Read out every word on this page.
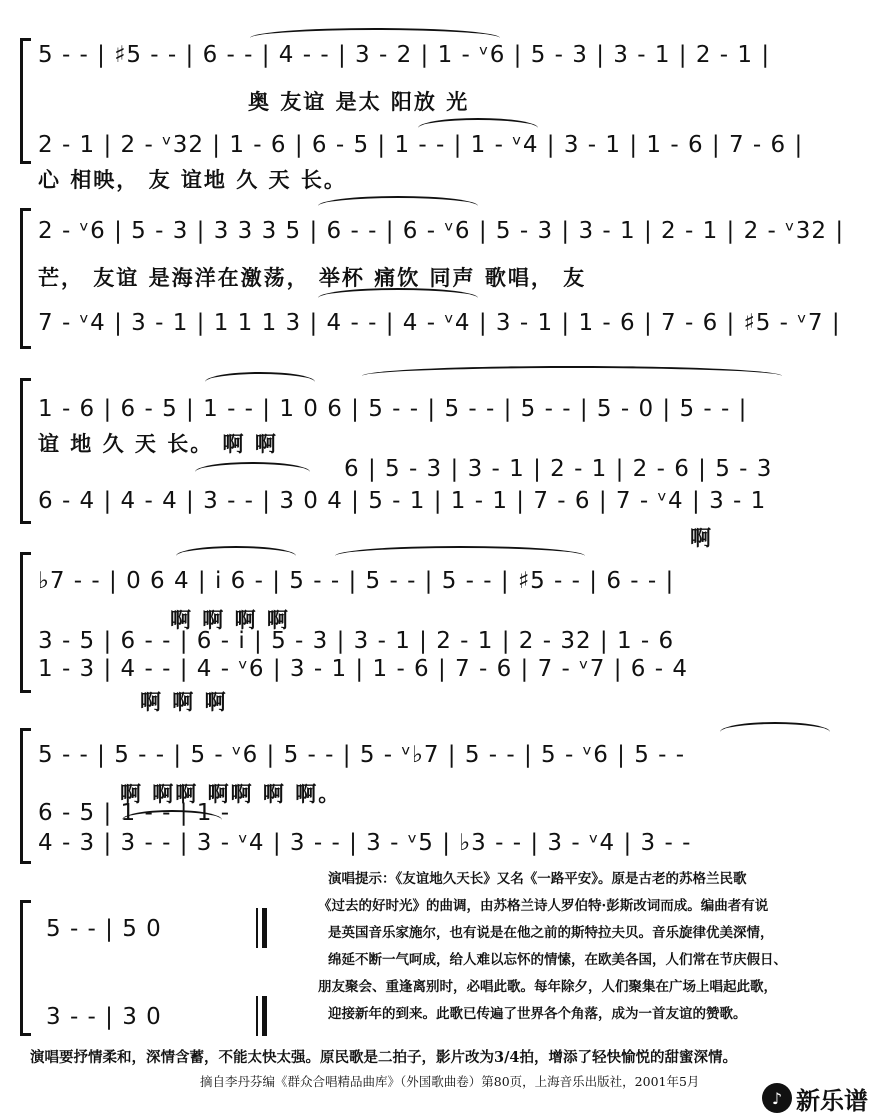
5 - - | ♯5 - - | 6 - - | 4 - - | 3 - 2 | 1 - ᵛ6 | 5 - 3 | 3 - 1 | 2 - 1 |
奥 友谊 是太 阳放 光
2 - 1 | 2 - ᵛ32 | 1 - 6 | 6 - 5 | 1 - - | 1 - ᵛ4 | 3 - 1 | 1 - 6 | 7 - 6 |
心 相映， 友 谊地 久 天 长。
2 - ᵛ6 | 5 - 3 | 3 3 3 5 | 6 - - | 6 - ᵛ6 | 5 - 3 | 3 - 1 | 2 - 1 | 2 - ᵛ32 |
芒， 友谊 是海洋在激荡， 举杯 痛饮 同声 歌唱， 友
7 - ᵛ4 | 3 - 1 | 1 1 1 3 | 4 - - | 4 - ᵛ4 | 3 - 1 | 1 - 6 | 7 - 6 | ♯5 - ᵛ7 |
1 - 6 | 6 - 5 | 1 - - | 1 0 6 | 5 - - | 5 - - | 5 - - | 5 - 0 | 5 - - |
谊 地 久 天 长。 啊 啊
6 | 5 - 3 | 3 - 1 | 2 - 1 | 2 - 6 | 5 - 3
6 - 4 | 4 - 4 | 3 - - | 3 0 4 | 5 - 1 | 1 - 1 | 7 - 6 | 7 - ᵛ4 | 3 - 1
啊
♭7 - - | 0 6 4 | i 6 - | 5 - - | 5 - - | 5 - - | ♯5 - - | 6 - - |
啊 啊 啊 啊
3 - 5 | 6 - - | 6 - i | 5 - 3 | 3 - 1 | 2 - 1 | 2 - 32 | 1 - 6
1 - 3 | 4 - - | 4 - ᵛ6 | 3 - 1 | 1 - 6 | 7 - 6 | 7 - ᵛ7 | 6 - 4
啊 啊 啊
5 - - | 5 - - | 5 - ᵛ6 | 5 - - | 5 - ᵛ♭7 | 5 - - | 5 - ᵛ6 | 5 - -
啊 啊啊 啊啊 啊 啊。
6 - 5 | 1 - - | 1 -
4 - 3 | 3 - - | 3 - ᵛ4 | 3 - - | 3 - ᵛ5 | ♭3 - - | 3 - ᵛ4 | 3 - -
5 - - | 5 0
3 - - | 3 0
演唱提示：《友谊地久天长》又名《一路平安》。原是古老的苏格兰民歌
《过去的好时光》的曲调，由苏格兰诗人罗伯特·彭斯改词而成。编曲者有说
是英国音乐家施尔，也有说是在他之前的斯特拉夫贝。音乐旋律优美深情，
绵延不断一气呵成，给人难以忘怀的情愫，在欧美各国，人们常在节庆假日、
朋友聚会、重逢离别时，必唱此歌。每年除夕，人们聚集在广场上唱起此歌，
迎接新年的到来。此歌已传遍了世界各个角落，成为一首友谊的赞歌。
演唱要抒情柔和，深情含蓄，不能太快太强。原民歌是二拍子，影片改为3/4拍，增添了轻快愉悦的甜蜜深情。
摘自李丹芬编《群众合唱精品曲库》（外国歌曲卷）第80页，上海音乐出版社，2001年5月
♪ 新乐谱
